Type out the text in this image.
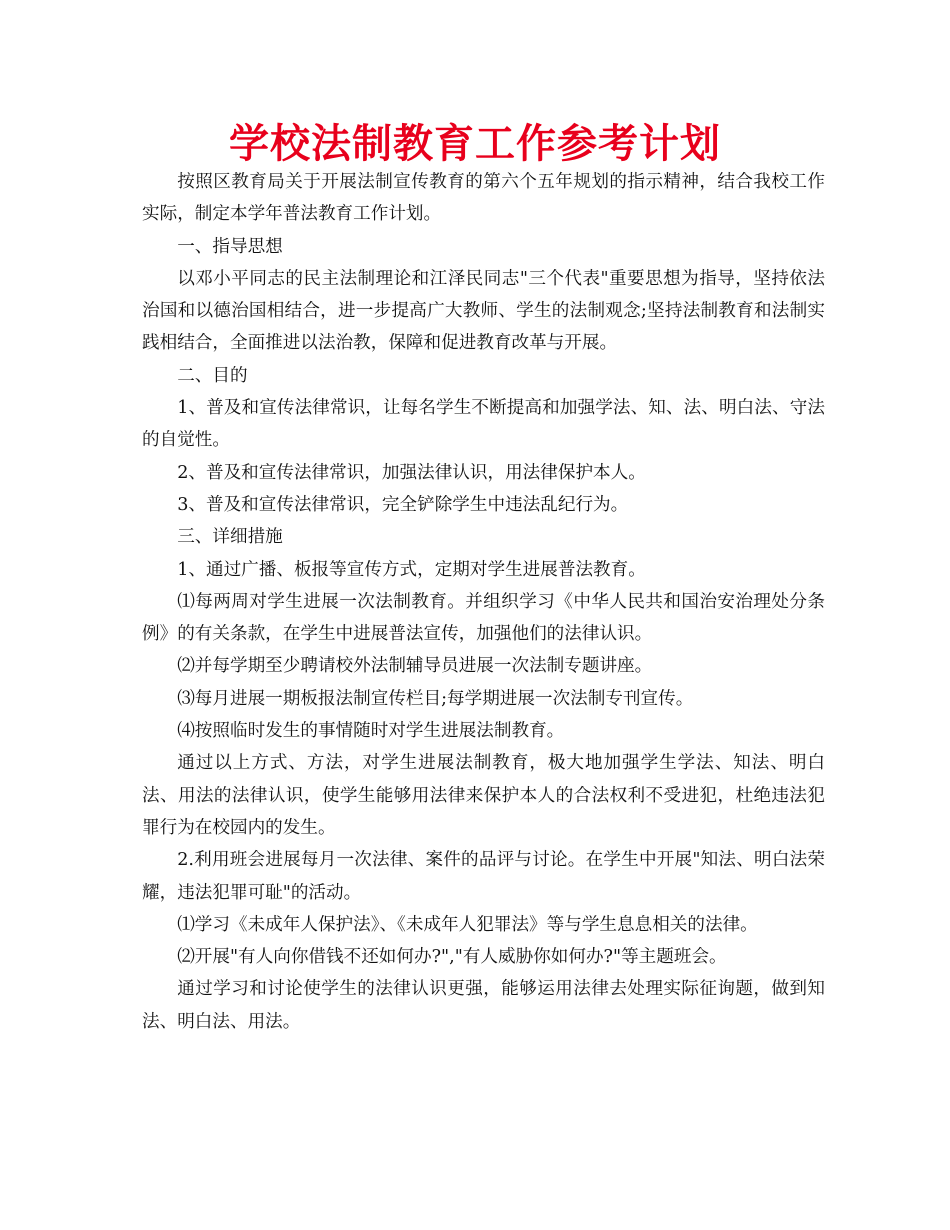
学校法制教育工作参考计划

按照区教育局关于开展法制宣传教育的第六个五年规划的指示精神，结合我校工作实际，制定本学年普法教育工作计划。

一、指导思想

以邓小平同志的民主法制理论和江泽民同志"三个代表"重要思想为指导，坚持依法治国和以德治国相结合，进一步提高广大教师、学生的法制观念;坚持法制教育和法制实践相结合，全面推进以法治教，保障和促进教育改革与开展。

二、目的

1、普及和宣传法律常识，让每名学生不断提高和加强学法、知、法、明白法、守法的自觉性。

2、普及和宣传法律常识，加强法律认识，用法律保护本人。

3、普及和宣传法律常识，完全铲除学生中违法乱纪行为。

三、详细措施

1、通过广播、板报等宣传方式，定期对学生进展普法教育。

⑴每两周对学生进展一次法制教育。并组织学习《中华人民共和国治安治理处分条例》的有关条款，在学生中进展普法宣传，加强他们的法律认识。

⑵并每学期至少聘请校外法制辅导员进展一次法制专题讲座。

⑶每月进展一期板报法制宣传栏目;每学期进展一次法制专刊宣传。

⑷按照临时发生的事情随时对学生进展法制教育。

通过以上方式、方法，对学生进展法制教育，极大地加强学生学法、知法、明白法、用法的法律认识，使学生能够用法律来保护本人的合法权利不受进犯，杜绝违法犯罪行为在校园内的发生。

2.利用班会进展每月一次法律、案件的品评与讨论。在学生中开展"知法、明白法荣耀，违法犯罪可耻"的活动。

⑴学习《未成年人保护法》、《未成年人犯罪法》等与学生息息相关的法律。

⑵开展"有人向你借钱不还如何办?","有人威胁你如何办?"等主题班会。

通过学习和讨论使学生的法律认识更强，能够运用法律去处理实际征询题，做到知法、明白法、用法。
